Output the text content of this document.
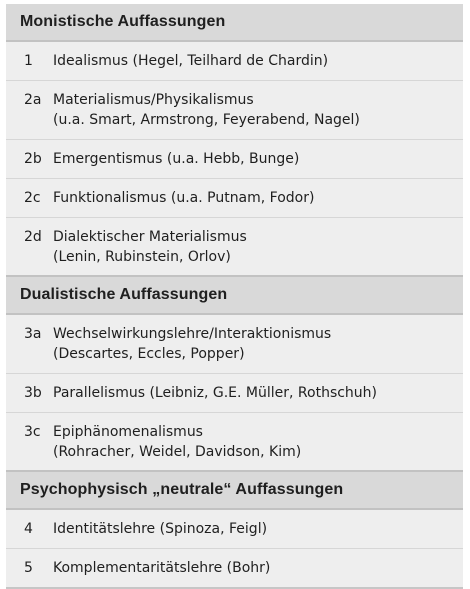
Monistische Auffassungen
1	Idealismus (Hegel, Teilhard de Chardin)
2a Materialismus/Physikalismus
(u.a. Smart, Armstrong, Feyerabend, Nagel)
2b Emergentismus (u.a. Hebb, Bunge)
2c Funktionalismus (u.a. Putnam, Fodor)
2d Dialektischer Materialismus
(Lenin, Rubinstein, Orlov)
Dualistische Auffassungen
3a Wechselwirkungslehre/Interaktionismus
(Descartes, Eccles, Popper)
3b Parallelismus (Leibniz, G.E. Müller, Rothschuh)
3c Epiphänomenalismus
(Rohracher, Weidel, Davidson, Kim)
Psychophysisch „neutrale“ Auffassungen
4	Identitätslehre (Spinoza, Feigl)
5	Komplementaritätslehre (Bohr)
